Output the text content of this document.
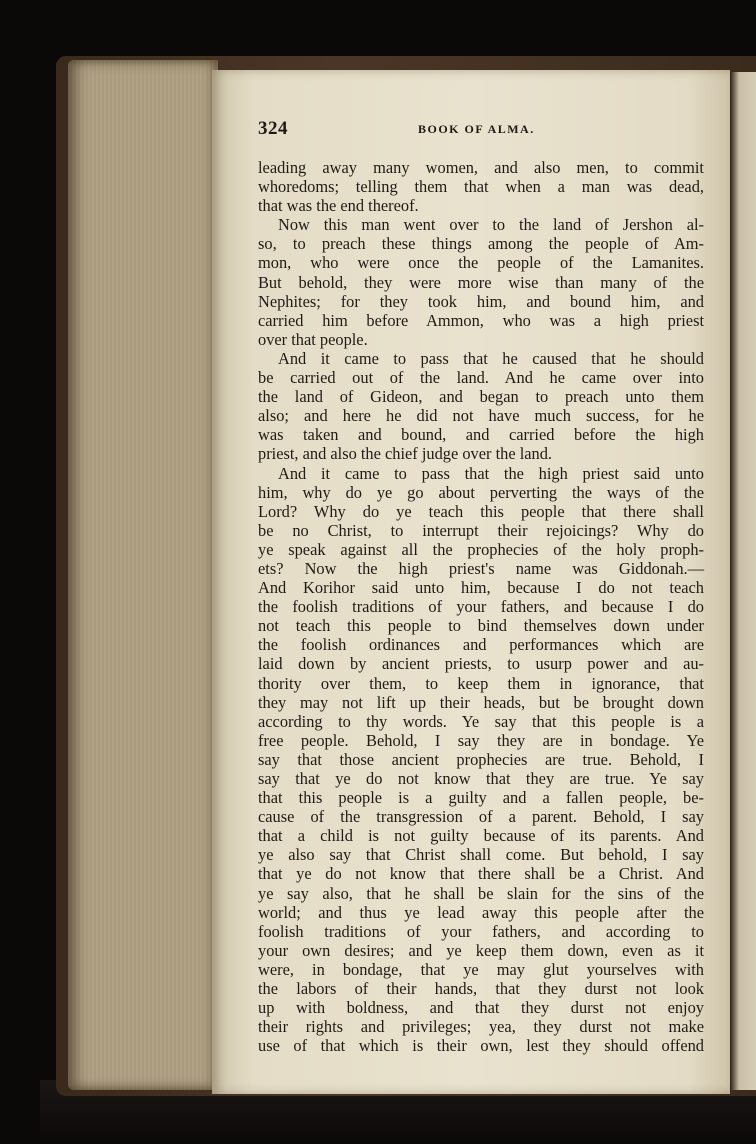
324	BOOK OF ALMA.
leading away many women, and also men, to commit
whoredoms; telling them that when a man was dead,
that was the end thereof.
Now this man went over to the land of Jershon al-
so, to preach these things among the people of Am-
mon, who were once the people of the Lamanites.
But behold, they were more wise than many of the
Nephites; for they took him, and bound him, and
carried him before Ammon, who was a high priest
over that people.
And it came to pass that he caused that he should
be carried out of the land. And he came over into
the land of Gideon, and began to preach unto them
also; and here he did not have much success, for he
was taken and bound, and carried before the high
priest, and also the chief judge over the land.
And it came to pass that the high priest said unto
him, why do ye go about perverting the ways of the
Lord? Why do ye teach this people that there shall
be no Christ, to interrupt their rejoicings? Why do
ye speak against all the prophecies of the holy proph-
ets? Now the high priest's name was Giddonah.—
And Korihor said unto him, because I do not teach
the foolish traditions of your fathers, and because I do
not teach this people to bind themselves down under
the foolish ordinances and performances which are
laid down by ancient priests, to usurp power and au-
thority over them, to keep them in ignorance, that
they may not lift up their heads, but be brought down
according to thy words. Ye say that this people is a
free people. Behold, I say they are in bondage. Ye
say that those ancient prophecies are true. Behold, I
say that ye do not know that they are true. Ye say
that this people is a guilty and a fallen people, be-
cause of the transgression of a parent. Behold, I say
that a child is not guilty because of its parents. And
ye also say that Christ shall come. But behold, I say
that ye do not know that there shall be a Christ. And
ye say also, that he shall be slain for the sins of the
world; and thus ye lead away this people after the
foolish traditions of your fathers, and according to
your own desires; and ye keep them down, even as it
were, in bondage, that ye may glut yourselves with
the labors of their hands, that they durst not look
up with boldness, and that they durst not enjoy
their rights and privileges; yea, they durst not make
use of that which is their own, lest they should offend
